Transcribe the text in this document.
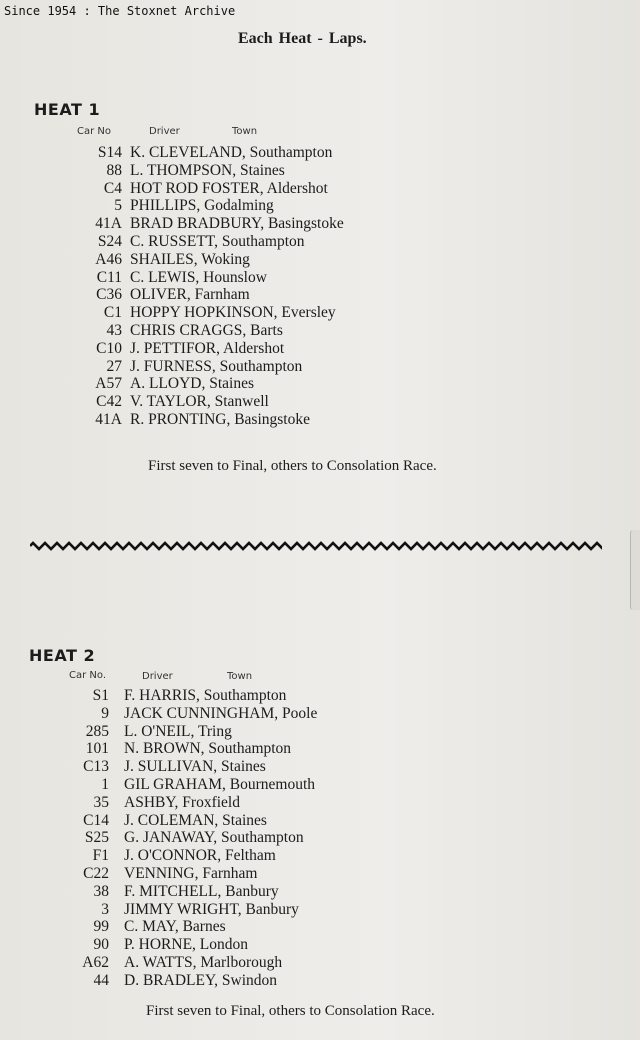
Since 1954 : The Stoxnet Archive
Each Heat - Laps.
HEAT 1
Car No	Driver	Town
S14 K. CLEVELAND, Southampton
88 L. THOMPSON, Staines
C4 HOT ROD FOSTER, Aldershot
5 PHILLIPS, Godalming
41A BRAD BRADBURY, Basingstoke
S24 C. RUSSETT, Southampton
A46 SHAILES, Woking
C11 C. LEWIS, Hounslow
C36 OLIVER, Farnham
C1 HOPPY HOPKINSON, Eversley
43 CHRIS CRAGGS, Barts
C10 J. PETTIFOR, Aldershot
27 J. FURNESS, Southampton
A57 A. LLOYD, Staines
C42 V. TAYLOR, Stanwell
41A R. PRONTING, Basingstoke
First seven to Final, others to Consolation Race.
HEAT 2
Car No.	Driver	Town
S1 F. HARRIS, Southampton
9 JACK CUNNINGHAM, Poole
285 L. O'NEIL, Tring
101 N. BROWN, Southampton
C13 J. SULLIVAN, Staines
1 GIL GRAHAM, Bournemouth
35 ASHBY, Froxfield
C14 J. COLEMAN, Staines
S25 G. JANAWAY, Southampton
F1 J. O'CONNOR, Feltham
C22 VENNING, Farnham
38 F. MITCHELL, Banbury
3 JIMMY WRIGHT, Banbury
99 C. MAY, Barnes
90 P. HORNE, London
A62 A. WATTS, Marlborough
44 D. BRADLEY, Swindon
First seven to Final, others to Consolation Race.
